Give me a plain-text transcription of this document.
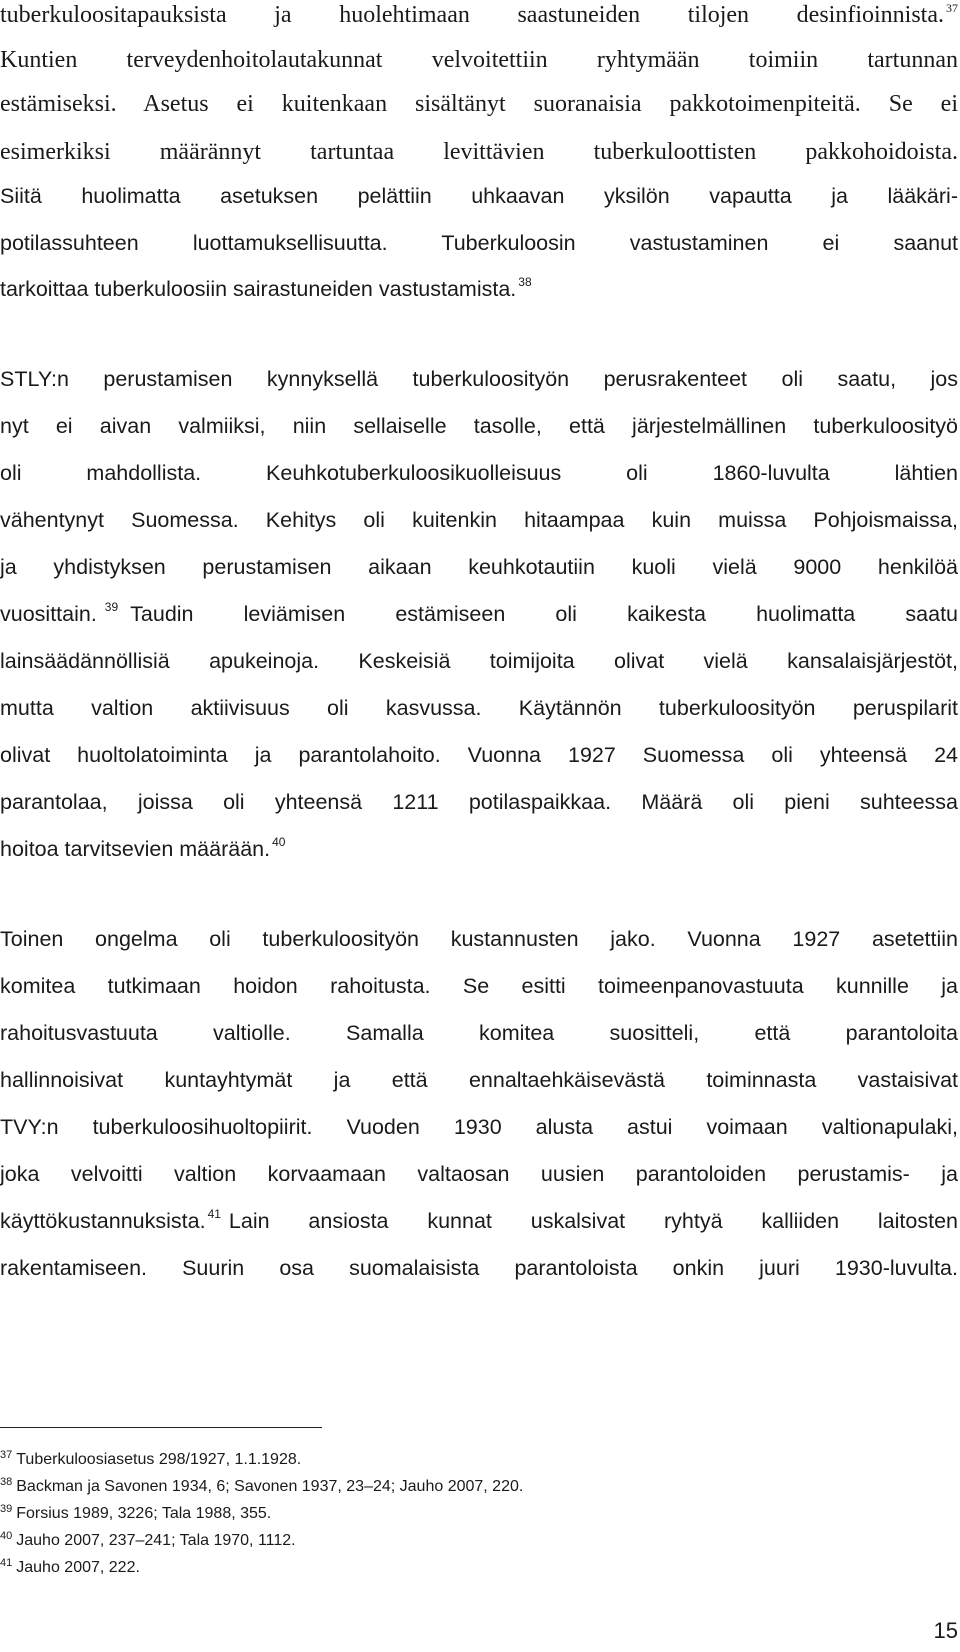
tuberkuloositapauksista ja huolehtimaan saastuneiden tilojen desinfioinnista. $^{37}$
Kuntien terveydenhoitolautakunnat velvoitettiin ryhtymään toimiin tartunnan
estämiseksi. Asetus ei kuitenkaan sisältänyt suoranaisia pakkotoimenpiteitä. Se ei
esimerkiksi määrännyt tartuntaa levittävien tuberkuloottisten pakkohoidoista.
Siitä huolimatta asetuksen pelättiin uhkaavan yksilön vapautta ja lääkäri-
potilassuhteen luottamuksellisuutta. Tuberkuloosin vastustaminen ei saanut
tarkoittaa tuberkuloosiin sairastuneiden vastustamista. $^{38}$
STLY:n perustamisen kynnyksellä tuberkuloosityön perusrakenteet oli saatu, jos
nyt ei aivan valmiiksi, niin sellaiselle tasolle, että järjestelmällinen tuberkuloosityö
oli mahdollista. Keuhkotuberkuloosikuolleisuus oli 1860-luvulta lähtien
vähentynyt Suomessa. Kehitys oli kuitenkin hitaampaa kuin muissa Pohjoismaissa,
ja yhdistyksen perustamisen aikaan keuhkotautiin kuoli vielä 9000 henkilöä
vuosittain. $^{39}$ Taudin leviämisen estämiseen oli kaikesta huolimatta saatu
lainsäädännöllisiä apukeinoja. Keskeisiä toimijoita olivat vielä kansalaisjärjestöt,
mutta valtion aktiivisuus oli kasvussa. Käytännön tuberkuloosityön peruspilarit
olivat huoltolatoiminta ja parantolahoito. Vuonna 1927 Suomessa oli yhteensä 24
parantolaa, joissa oli yhteensä 1211 potilaspaikkaa. Määrä oli pieni suhteessa
hoitoa tarvitsevien määrään. $^{40}$
Toinen ongelma oli tuberkuloosityön kustannusten jako. Vuonna 1927 asetettiin
komitea tutkimaan hoidon rahoitusta. Se esitti toimeenpanovastuuta kunnille ja
rahoitusvastuuta valtiolle. Samalla komitea suositteli, että parantoloita
hallinnoisivat kuntayhtymät ja että ennaltaehkäisevästä toiminnasta vastaisivat
TVY:n tuberkuloosihuoltopiirit. Vuoden 1930 alusta astui voimaan valtionapulaki,
joka velvoitti valtion korvaamaan valtaosan uusien parantoloiden perustamis- ja
käyttökustannuksista. $^{41}$ Lain ansiosta kunnat uskalsivat ryhtyä kalliiden laitosten
rakentamiseen. Suurin osa suomalaisista parantoloista onkin juuri 1930-luvulta.
$^{37}$ Tuberkuloosiasetus 298/1927, 1.1.1928.
$^{38}$ Backman ja Savonen 1934, 6; Savonen 1937, 23–24; Jauho 2007, 220.
$^{39}$ Forsius 1989, 3226; Tala 1988, 355.
$^{40}$ Jauho 2007, 237–241; Tala 1970, 1112.
$^{41}$ Jauho 2007, 222.
15
